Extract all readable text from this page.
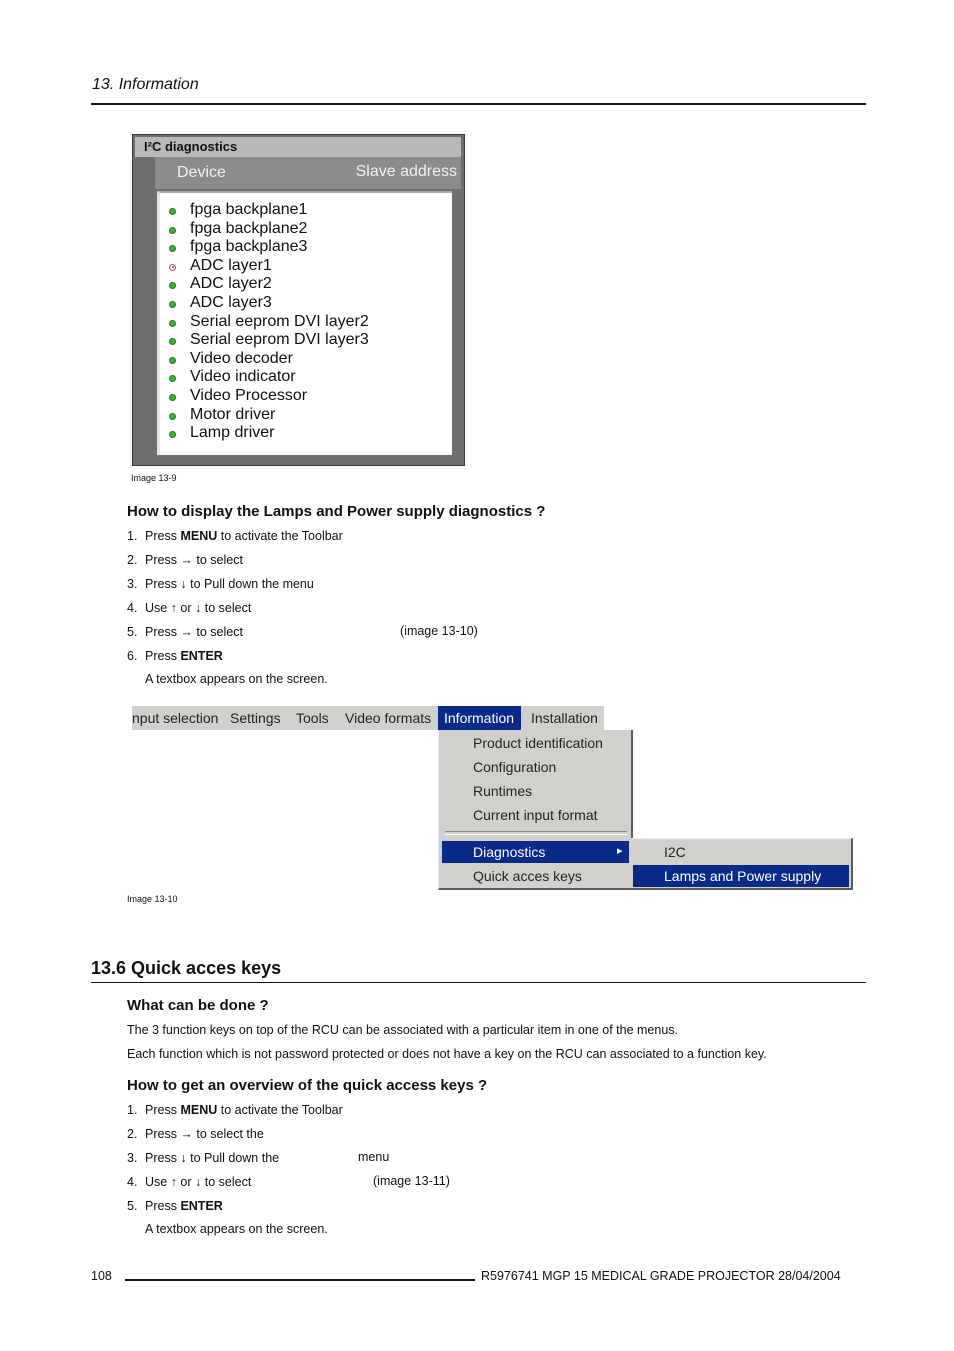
13. Information
I²C diagnostics
Device	Slave address
fpga backplane1
fpga backplane2
fpga backplane3
ADC layer1
ADC layer2
ADC layer3
Serial eeprom DVI layer2
Serial eeprom DVI layer3
Video decoder
Video indicator
Video Processor
Motor driver
Lamp driver
Image 13-9
How to display the Lamps and Power supply diagnostics ?
1. Press MENU to activate the Toolbar
2. Press → to select
3. Press ↓ to Pull down the menu
4. Use ↑ or ↓ to select
5. Press → to select
6. Press ENTER
(image 13-10)
A textbox appears on the screen.
nput selection Settings Tools Video formats Information	Installation
Product identification
Configuration
Runtimes
Current input format
Diagnostics	▸
Quick acces keys
I2C
Lamps and Power supply
Image 13-10
13.6 Quick acces keys
What can be done ?
The 3 function keys on top of the RCU can be associated with a particular item in one of the menus.
Each function which is not password protected or does not have a key on the RCU can associated to a function key.
How to get an overview of the quick access keys ?
1. Press MENU to activate the Toolbar
2. Press → to select the
3. Press ↓ to Pull down the
4. Use ↑ or ↓ to select
5. Press ENTER
menu
(image 13-11)
A textbox appears on the screen.
108	R5976741 MGP 15 MEDICAL GRADE PROJECTOR 28/04/2004
